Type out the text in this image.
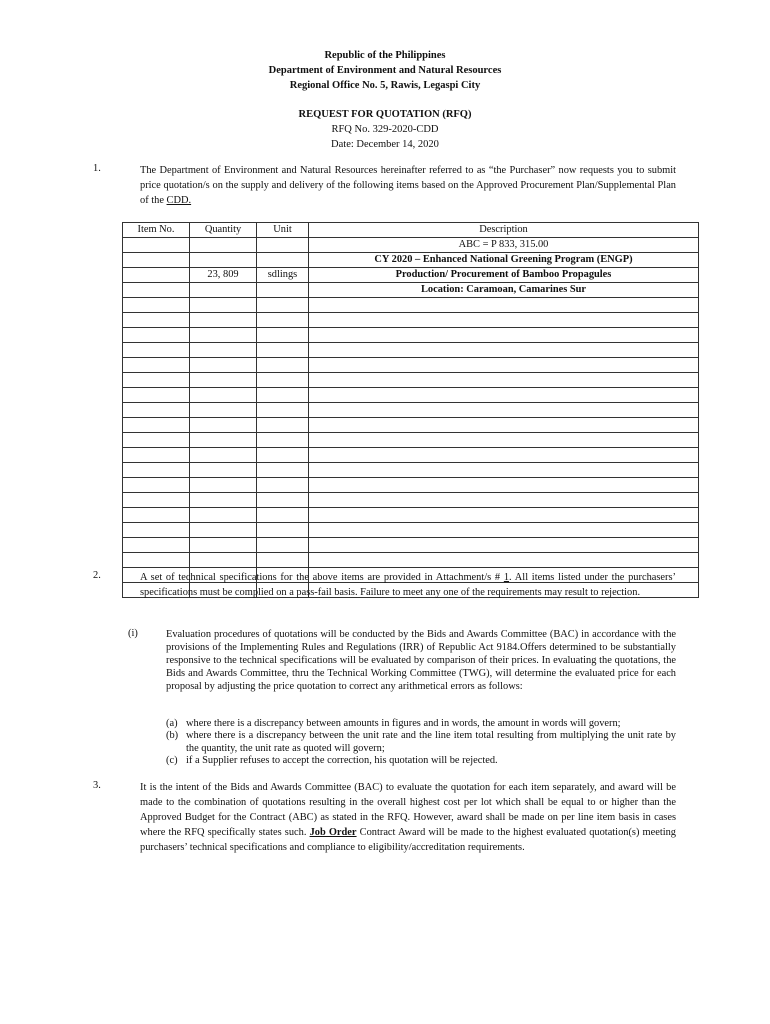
Republic of the Philippines
Department of Environment and Natural Resources
Regional Office No. 5, Rawis, Legaspi City
REQUEST FOR QUOTATION (RFQ)
RFQ No. 329-2020-CDD
Date: December 14, 2020
1.	The Department of Environment and Natural Resources hereinafter referred to as “the Purchaser” now requests you to submit price quotation/s on the supply and delivery of the following items based on the Approved Procurement Plan/Supplemental Plan of the CDD.
Item No.	Quantity	Unit	Description
			ABC = P 833, 315.00
			CY 2020 – Enhanced National Greening Program (ENGP)
	23, 809	sdlings	Production/ Procurement of Bamboo Propagules
			Location: Caramoan, Camarines Sur

2.	A set of technical specifications for the above items are provided in Attachment/s # 1. All items listed under the purchasers’ specifications must be complied on a pass-fail basis. Failure to meet any one of the requirements may result to rejection.
(i)	Evaluation procedures of quotations will be conducted by the Bids and Awards Committee (BAC) in accordance with the provisions of the Implementing Rules and Regulations (IRR) of Republic Act 9184.Offers determined to be substantially responsive to the technical specifications will be evaluated by comparison of their prices. In evaluating the quotations, the Bids and Awards Committee, thru the Technical Working Committee (TWG), will determine the evaluated price for each proposal by adjusting the price quotation to correct any arithmetical errors as follows:
(a) where there is a discrepancy between amounts in figures and in words, the amount in words will govern;
(b) where there is a discrepancy between the unit rate and the line item total resulting from multiplying the unit rate by the quantity, the unit rate as quoted will govern;
(c) if a Supplier refuses to accept the correction, his quotation will be rejected.
3.	It is the intent of the Bids and Awards Committee (BAC) to evaluate the quotation for each item separately, and award will be made to the combination of quotations resulting in the overall highest cost per lot which shall be equal to or higher than the Approved Budget for the Contract (ABC) as stated in the RFQ. However, award shall be made on per line item basis in cases where the RFQ specifically states such. Job Order Contract Award will be made to the highest evaluated quotation(s) meeting purchasers’ technical specifications and compliance to eligibility/accreditation requirements.
